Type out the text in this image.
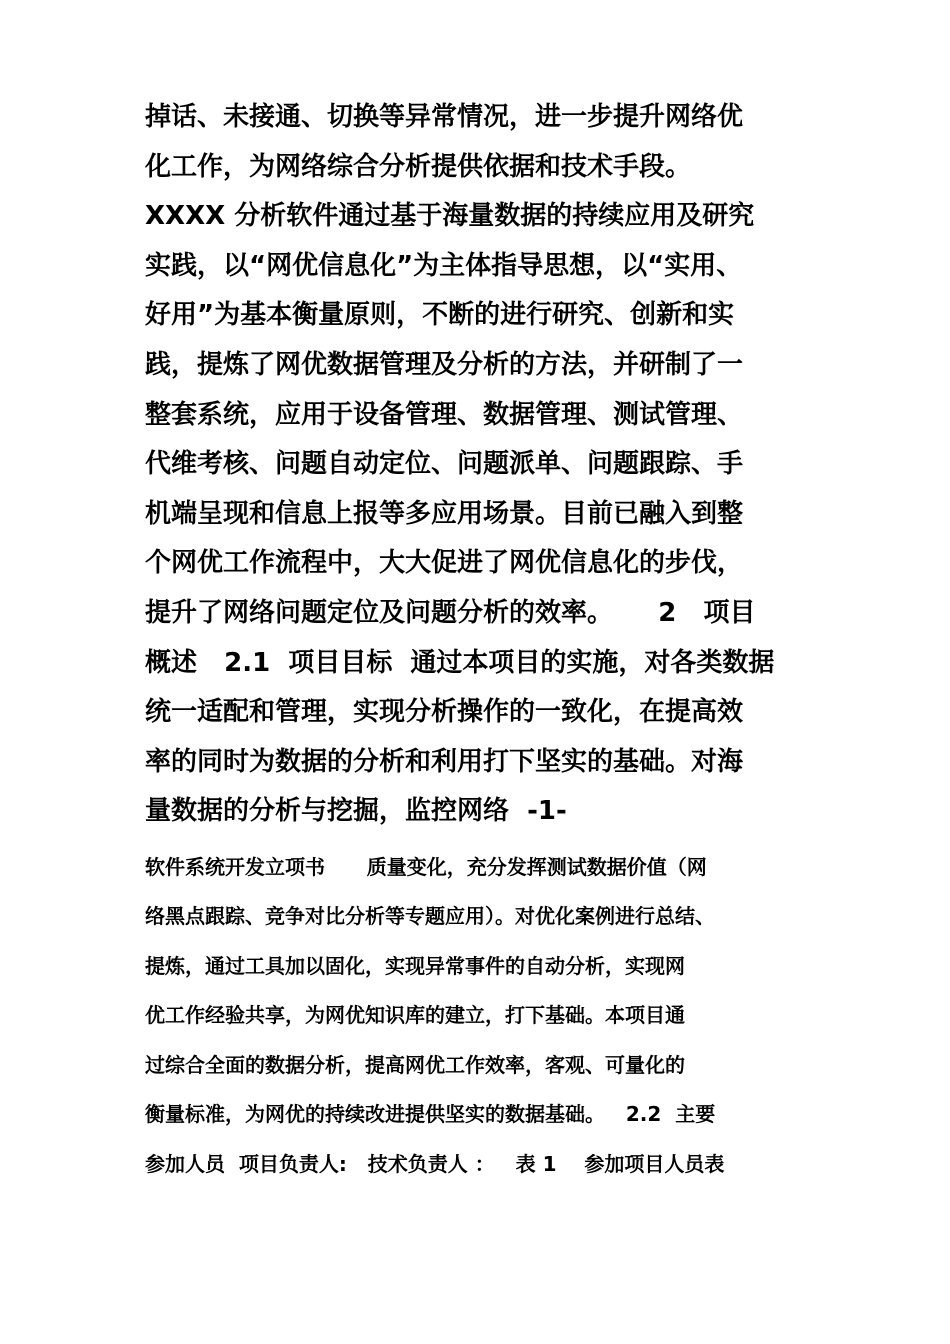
掉话、未接通、切换等异常情况，进一步提升网络优
化工作，为网络综合分析提供依据和技术手段。
XXXX 分析软件通过基于海量数据的持续应用及研究
实践，以“网优信息化”为主体指导思想，以“实用、
好用”为基本衡量原则，不断的进行研究、创新和实
践，提炼了网优数据管理及分析的方法，并研制了一
整套系统，应用于设备管理、数据管理、测试管理、
代维考核、问题自动定位、问题派单、问题跟踪、手
机端呈现和信息上报等多应用场景。目前已融入到整
个网优工作流程中，大大促进了网优信息化的步伐，
提升了网络问题定位及问题分析的效率。     2   项目
概述   2.1  项目目标  通过本项目的实施，对各类数据
统一适配和管理，实现分析操作的一致化，在提高效
率的同时为数据的分析和利用打下坚实的基础。对海
量数据的分析与挖掘，监控网络  -1-
软件系统开发立项书      质量变化，充分发挥测试数据价值（网
络黑点跟踪、竞争对比分析等专题应用）。对优化案例进行总结、
提炼，通过工具加以固化，实现异常事件的自动分析，实现网
优工作经验共享，为网优知识库的建立，打下基础。本项目通
过综合全面的数据分析，提高网优工作效率，客观、可量化的
衡量标准，为网优的持续改进提供坚实的数据基础。   2.2  主要
参加人员  项目负责人:   技术负责人 ：   表 1    参加项目人员表
